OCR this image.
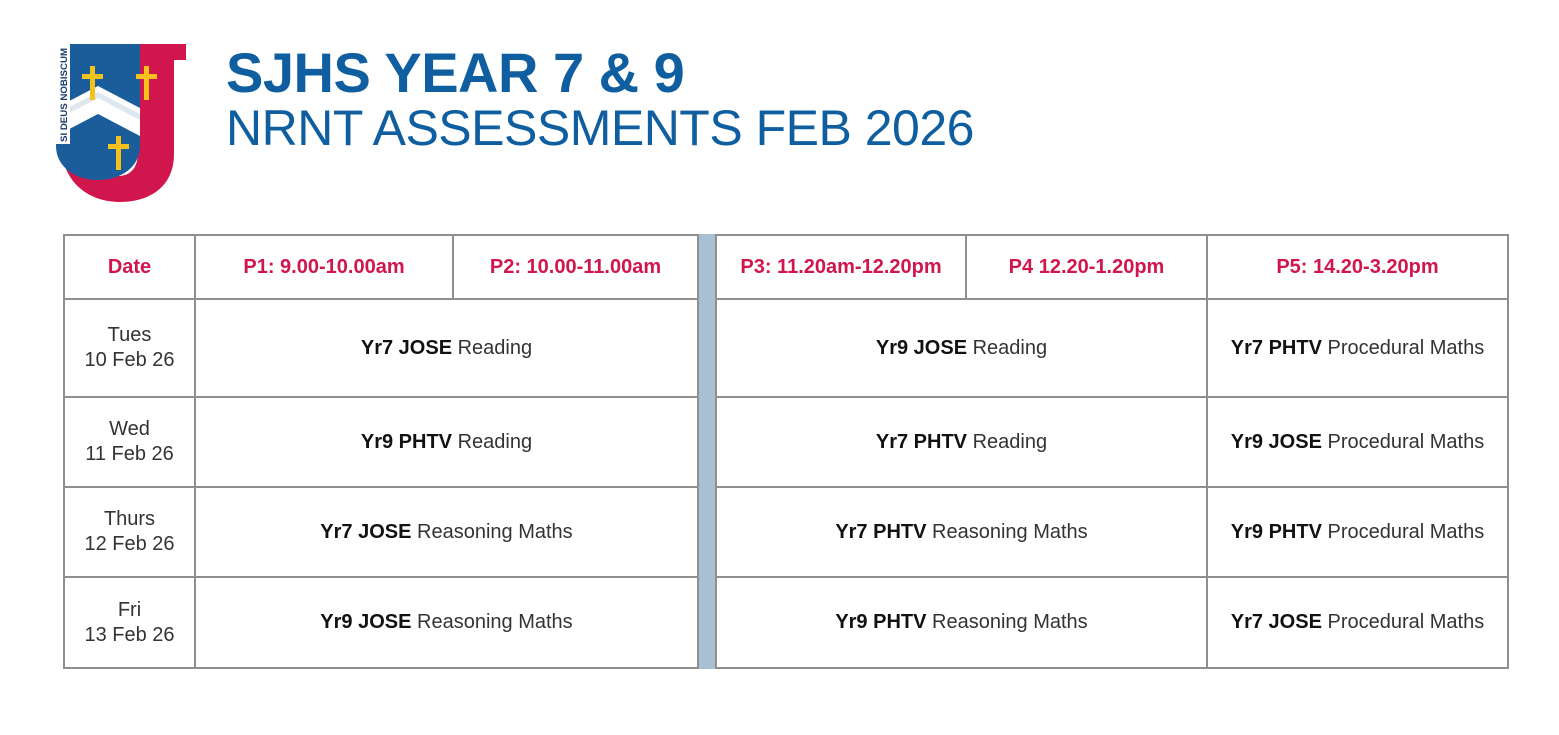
SI DEUS NOBISCUM	SJHS YEAR 7 & 9
NRNT ASSESSMENTS FEB 2026
Date	P1: 9.00-10.00am	P2: 10.00-11.00am	P3: 11.20am-12.20pm	P4 12.20-1.20pm	P5: 14.20-3.20pm
Tues
10 Feb 26
Yr7 JOSE Reading	Yr9 JOSE Reading	Yr7 PHTV Procedural Maths
Wed
11 Feb 26
Yr9 PHTV Reading	Yr7 PHTV Reading	Yr9 JOSE Procedural Maths
Thurs
12 Feb 26
Yr7 JOSE Reasoning Maths	Yr7 PHTV Reasoning Maths	Yr9 PHTV Procedural Maths
Fri
13 Feb 26
Yr9 JOSE Reasoning Maths	Yr9 PHTV Reasoning Maths	Yr7 JOSE Procedural Maths
